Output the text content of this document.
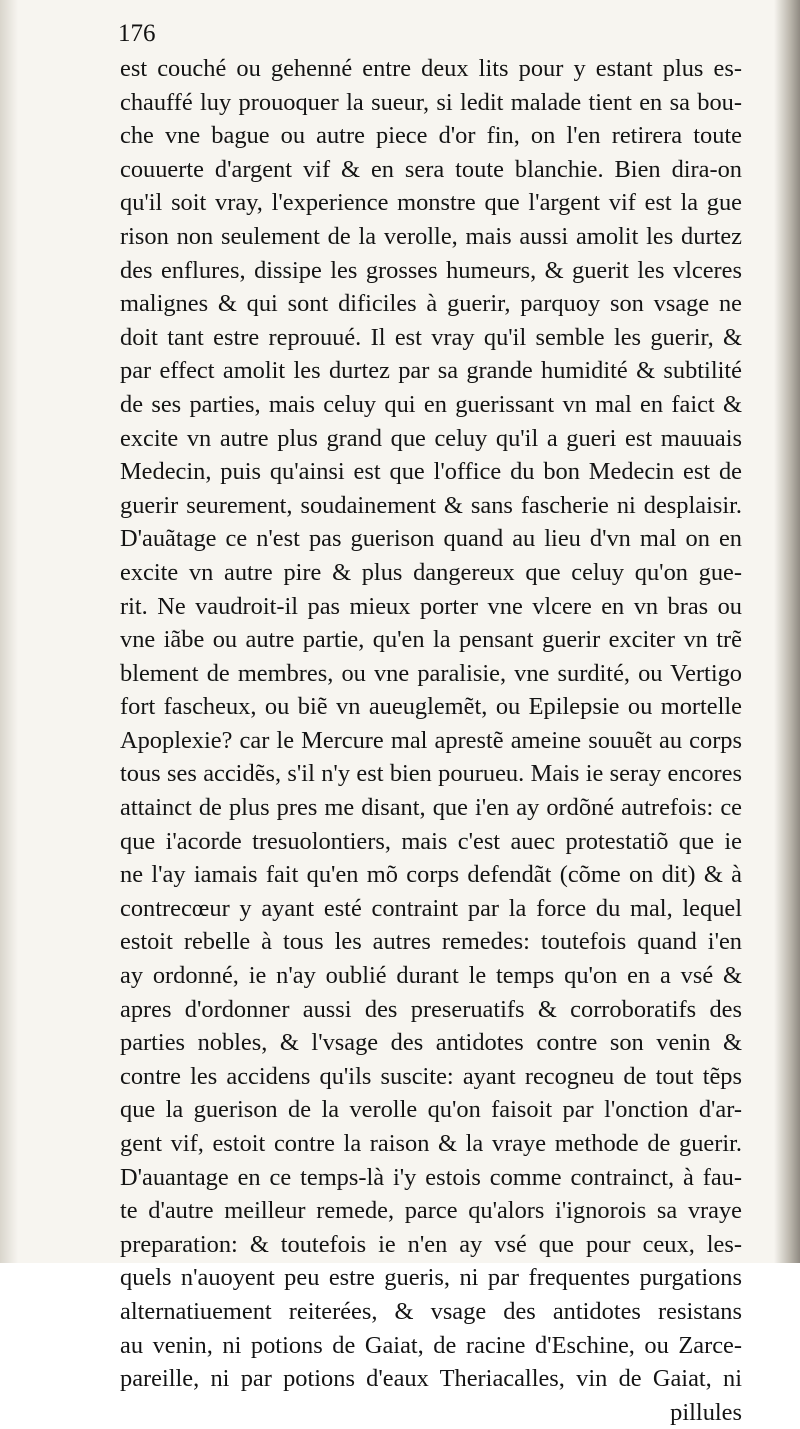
176
est couché ou gehenné entre deux lits pour y estant plus es-
chauffé luy prouoquer la sueur, si ledit malade tient en sa bou-
che vne bague ou autre piece d'or fin, on l'en retirera toute
couuerte d'argent vif & en sera toute blanchie. Bien dira-on
qu'il soit vray, l'experience monstre que l'argent vif est la gue
rison non seulement de la verolle, mais aussi amolit les durtez
des enflures, dissipe les grosses humeurs, & guerit les vlceres
malignes & qui sont dificiles à guerir, parquoy son vsage ne
doit tant estre reprouué. Il est vray qu'il semble les guerir, &
par effect amolit les durtez par sa grande humidité & subtilité
de ses parties, mais celuy qui en guerissant vn mal en faict &
excite vn autre plus grand que celuy qu'il a gueri est mauuais
Medecin, puis qu'ainsi est que l'office du bon Medecin est de
guerir seurement, soudainement & sans fascherie ni desplaisir.
D'auãtage ce n'est pas guerison quand au lieu d'vn mal on en
excite vn autre pire & plus dangereux que celuy qu'on gue-
rit. Ne vaudroit-il pas mieux porter vne vlcere en vn bras ou
vne iãbe ou autre partie, qu'en la pensant guerir exciter vn trẽ
blement de membres, ou vne paralisie, vne surdité, ou Vertigo
fort fascheux, ou biẽ vn aueuglemẽt, ou Epilepsie ou mortelle
Apoplexie? car le Mercure mal aprestẽ ameine souuẽt au corps
tous ses accidẽs, s'il n'y est bien pourueu. Mais ie seray encores
attainct de plus pres me disant, que i'en ay ordõné autrefois: ce
que i'acorde tresuolontiers, mais c'est auec protestatiõ que ie
ne l'ay iamais fait qu'en mõ corps defendãt (cõme on dit) & à
contrecœur y ayant esté contraint par la force du mal, lequel
estoit rebelle à tous les autres remedes: toutefois quand i'en
ay ordonné, ie n'ay oublié durant le temps qu'on en a vsé &
apres d'ordonner aussi des preseruatifs & corroboratifs des
parties nobles, & l'vsage des antidotes contre son venin &
contre les accidens qu'ils suscite: ayant recogneu de tout tẽps
que la guerison de la verolle qu'on faisoit par l'onction d'ar-
gent vif, estoit contre la raison & la vraye methode de guerir.
D'auantage en ce temps-là i'y estois comme contrainct, à fau-
te d'autre meilleur remede, parce qu'alors i'ignorois sa vraye
preparation: & toutefois ie n'en ay vsé que pour ceux, les-
quels n'auoyent peu estre gueris, ni par frequentes purgations
alternatiuement reiterées, & vsage des antidotes resistans
au venin, ni potions de Gaiat, de racine d'Eschine, ou Zarce-
pareille, ni par potions d'eaux Theriacalles, vin de Gaiat, ni
pillules
